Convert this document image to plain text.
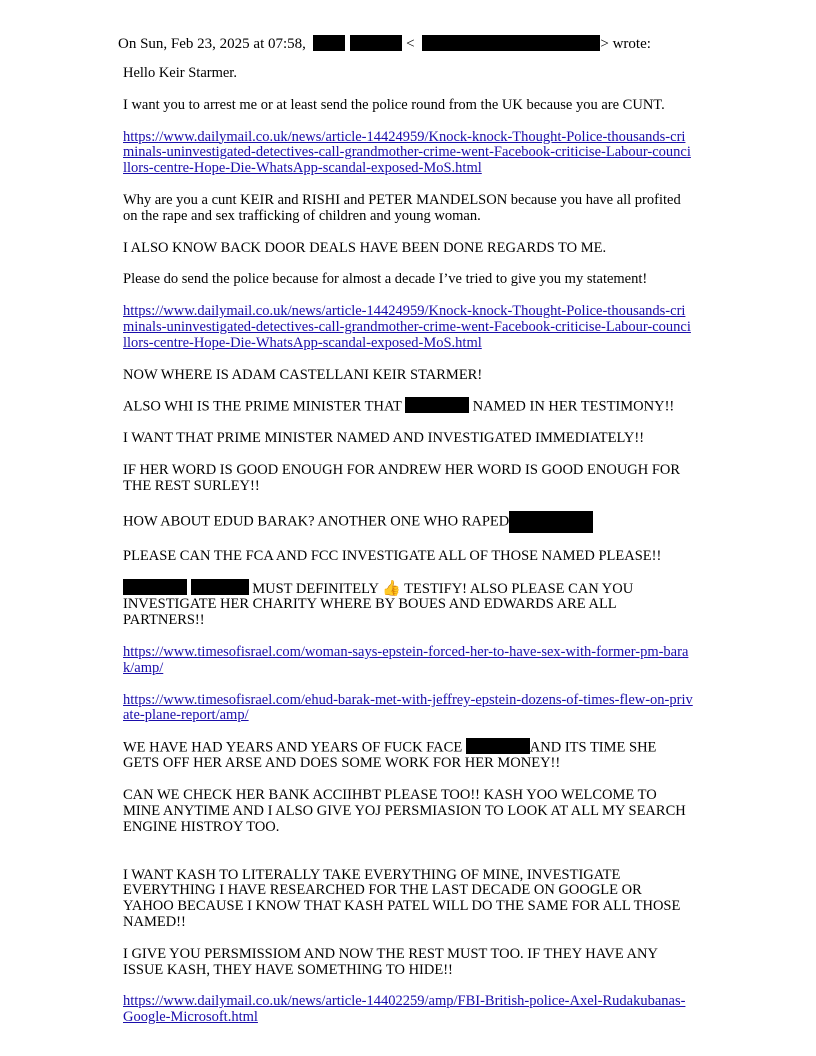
On Sun, Feb 23, 2025 at 07:58,	<	> wrote:

Hello Keir Starmer.

I want you to arrest me or at least send the police round from the UK because you are CUNT.

https://www.dailymail.co.uk/news/article-14424959/Knock-knock-Thought-Police-thousands-criminals-uninvestigated-detectives-call-grandmother-crime-went-Facebook-criticise-Labour-councillors-centre-Hope-Die-WhatsApp-scandal-exposed-MoS.html

Why are you a cunt KEIR and RISHI and PETER MANDELSON because you have all profited on the rape and sex trafficking of children and young woman.

I ALSO KNOW BACK DOOR DEALS HAVE BEEN DONE REGARDS TO ME.

Please do send the police because for almost a decade I’ve tried to give you my statement!

https://www.dailymail.co.uk/news/article-14424959/Knock-knock-Thought-Police-thousands-criminals-uninvestigated-detectives-call-grandmother-crime-went-Facebook-criticise-Labour-councillors-centre-Hope-Die-WhatsApp-scandal-exposed-MoS.html

NOW WHERE IS ADAM CASTELLANI KEIR STARMER!

ALSO WHI IS THE PRIME MINISTER THAT	NAMED IN HER TESTIMONY!!

I WANT THAT PRIME MINISTER NAMED AND INVESTIGATED IMMEDIATELY!!

IF HER WORD IS GOOD ENOUGH FOR ANDREW HER WORD IS GOOD ENOUGH FOR THE REST SURLEY!!

HOW ABOUT EDUD BARAK? ANOTHER ONE WHO RAPED

PLEASE CAN THE FCA AND FCC INVESTIGATE ALL OF THOSE NAMED PLEASE!!

MUST DEFINITELY 👍 TESTIFY! ALSO PLEASE CAN YOU INVESTIGATE HER CHARITY WHERE BY BOUES AND EDWARDS ARE ALL PARTNERS!!

https://www.timesofisrael.com/woman-says-epstein-forced-her-to-have-sex-with-former-pm-barak/amp/

https://www.timesofisrael.com/ehud-barak-met-with-jeffrey-epstein-dozens-of-times-flew-on-private-plane-report/amp/

WE HAVE HAD YEARS AND YEARS OF FUCK FACE	AND ITS TIME SHE GETS OFF HER ARSE AND DOES SOME WORK FOR HER MONEY!!

CAN WE CHECK HER BANK ACCIIHBT PLEASE TOO!! KASH YOO WELCOME TO MINE ANYTIME AND I ALSO GIVE YOJ PERSMIASION TO LOOK AT ALL MY SEARCH ENGINE HISTROY TOO.

I WANT KASH TO LITERALLY TAKE EVERYTHING OF MINE, INVESTIGATE EVERYTHING I HAVE RESEARCHED FOR THE LAST DECADE ON GOOGLE OR YAHOO BECAUSE I KNOW THAT KASH PATEL WILL DO THE SAME FOR ALL THOSE NAMED!!

I GIVE YOU PERSMISSIOM AND NOW THE REST MUST TOO. IF THEY HAVE ANY ISSUE KASH, THEY HAVE SOMETHING TO HIDE!!

https://www.dailymail.co.uk/news/article-14402259/amp/FBI-British-police-Axel-Rudakubanas-Google-Microsoft.html
